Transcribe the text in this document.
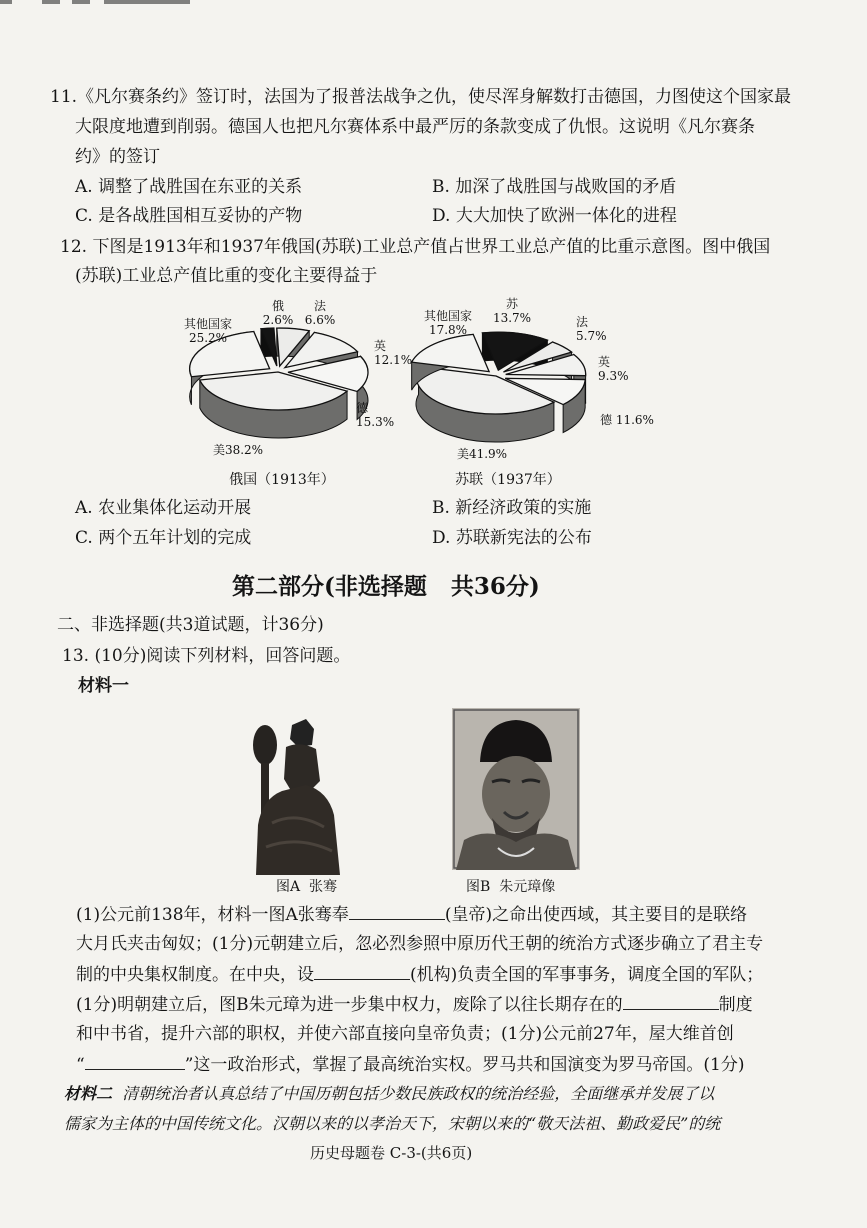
11.《凡尔赛条约》签订时，法国为了报普法战争之仇，使尽浑身解数打击德国，力图使这个国家最
大限度地遭到削弱。德国人也把凡尔赛体系中最严厉的条款变成了仇恨。这说明《凡尔赛条
约》的签订
A. 调整了战胜国在东亚的关系	B. 加深了战胜国与战败国的矛盾
C. 是各战胜国相互妥协的产物	D. 大大加快了欧洲一体化的进程
12. 下图是1913年和1937年俄国(苏联)工业总产值占世界工业总产值的比重示意图。图中俄国
(苏联)工业总产值比重的变化主要得益于
俄 2.6%
法 6.6%
英 12.1%
德 15.3%
美38.2%
其他国家 25.2%
俄国（1913年）
苏 13.7%	法 5.7%
英 9.3%
德 11.6%
美41.9%
其他国家 17.8%
苏联（1937年）
A. 农业集体化运动开展	B. 新经济政策的实施
C. 两个五年计划的完成	D. 苏联新宪法的公布
第二部分(非选择题   共36分)
二、非选择题(共3道试题，计36分)
13. (10分)阅读下列材料，回答问题。
材料一
图A  张骞	图B  朱元璋像
(1)公元前138年，材料一图A张骞奉	(皇帝)之命出使西域，其主要目的是联络
大月氏夹击匈奴；(1分)元朝建立后，忽必烈参照中原历代王朝的统治方式逐步确立了君主专
制的中央集权制度。在中央，设	(机构)负责全国的军事事务，调度全国的军队；
(1分)明朝建立后，图B朱元璋为进一步集中权力，废除了以往长期存在的	制度
和中书省，提升六部的职权，并使六部直接向皇帝负责；(1分)公元前27年，屋大维首创
“	”这一政治形式，掌握了最高统治实权。罗马共和国演变为罗马帝国。(1分)
材料二  清朝统治者认真总结了中国历朝包括少数民族政权的统治经验，全面继承并发展了以
儒家为主体的中国传统文化。汉朝以来的以孝治天下，宋朝以来的“敬天法祖、勤政爱民”的统
历史母题卷 C-3-(共6页)
